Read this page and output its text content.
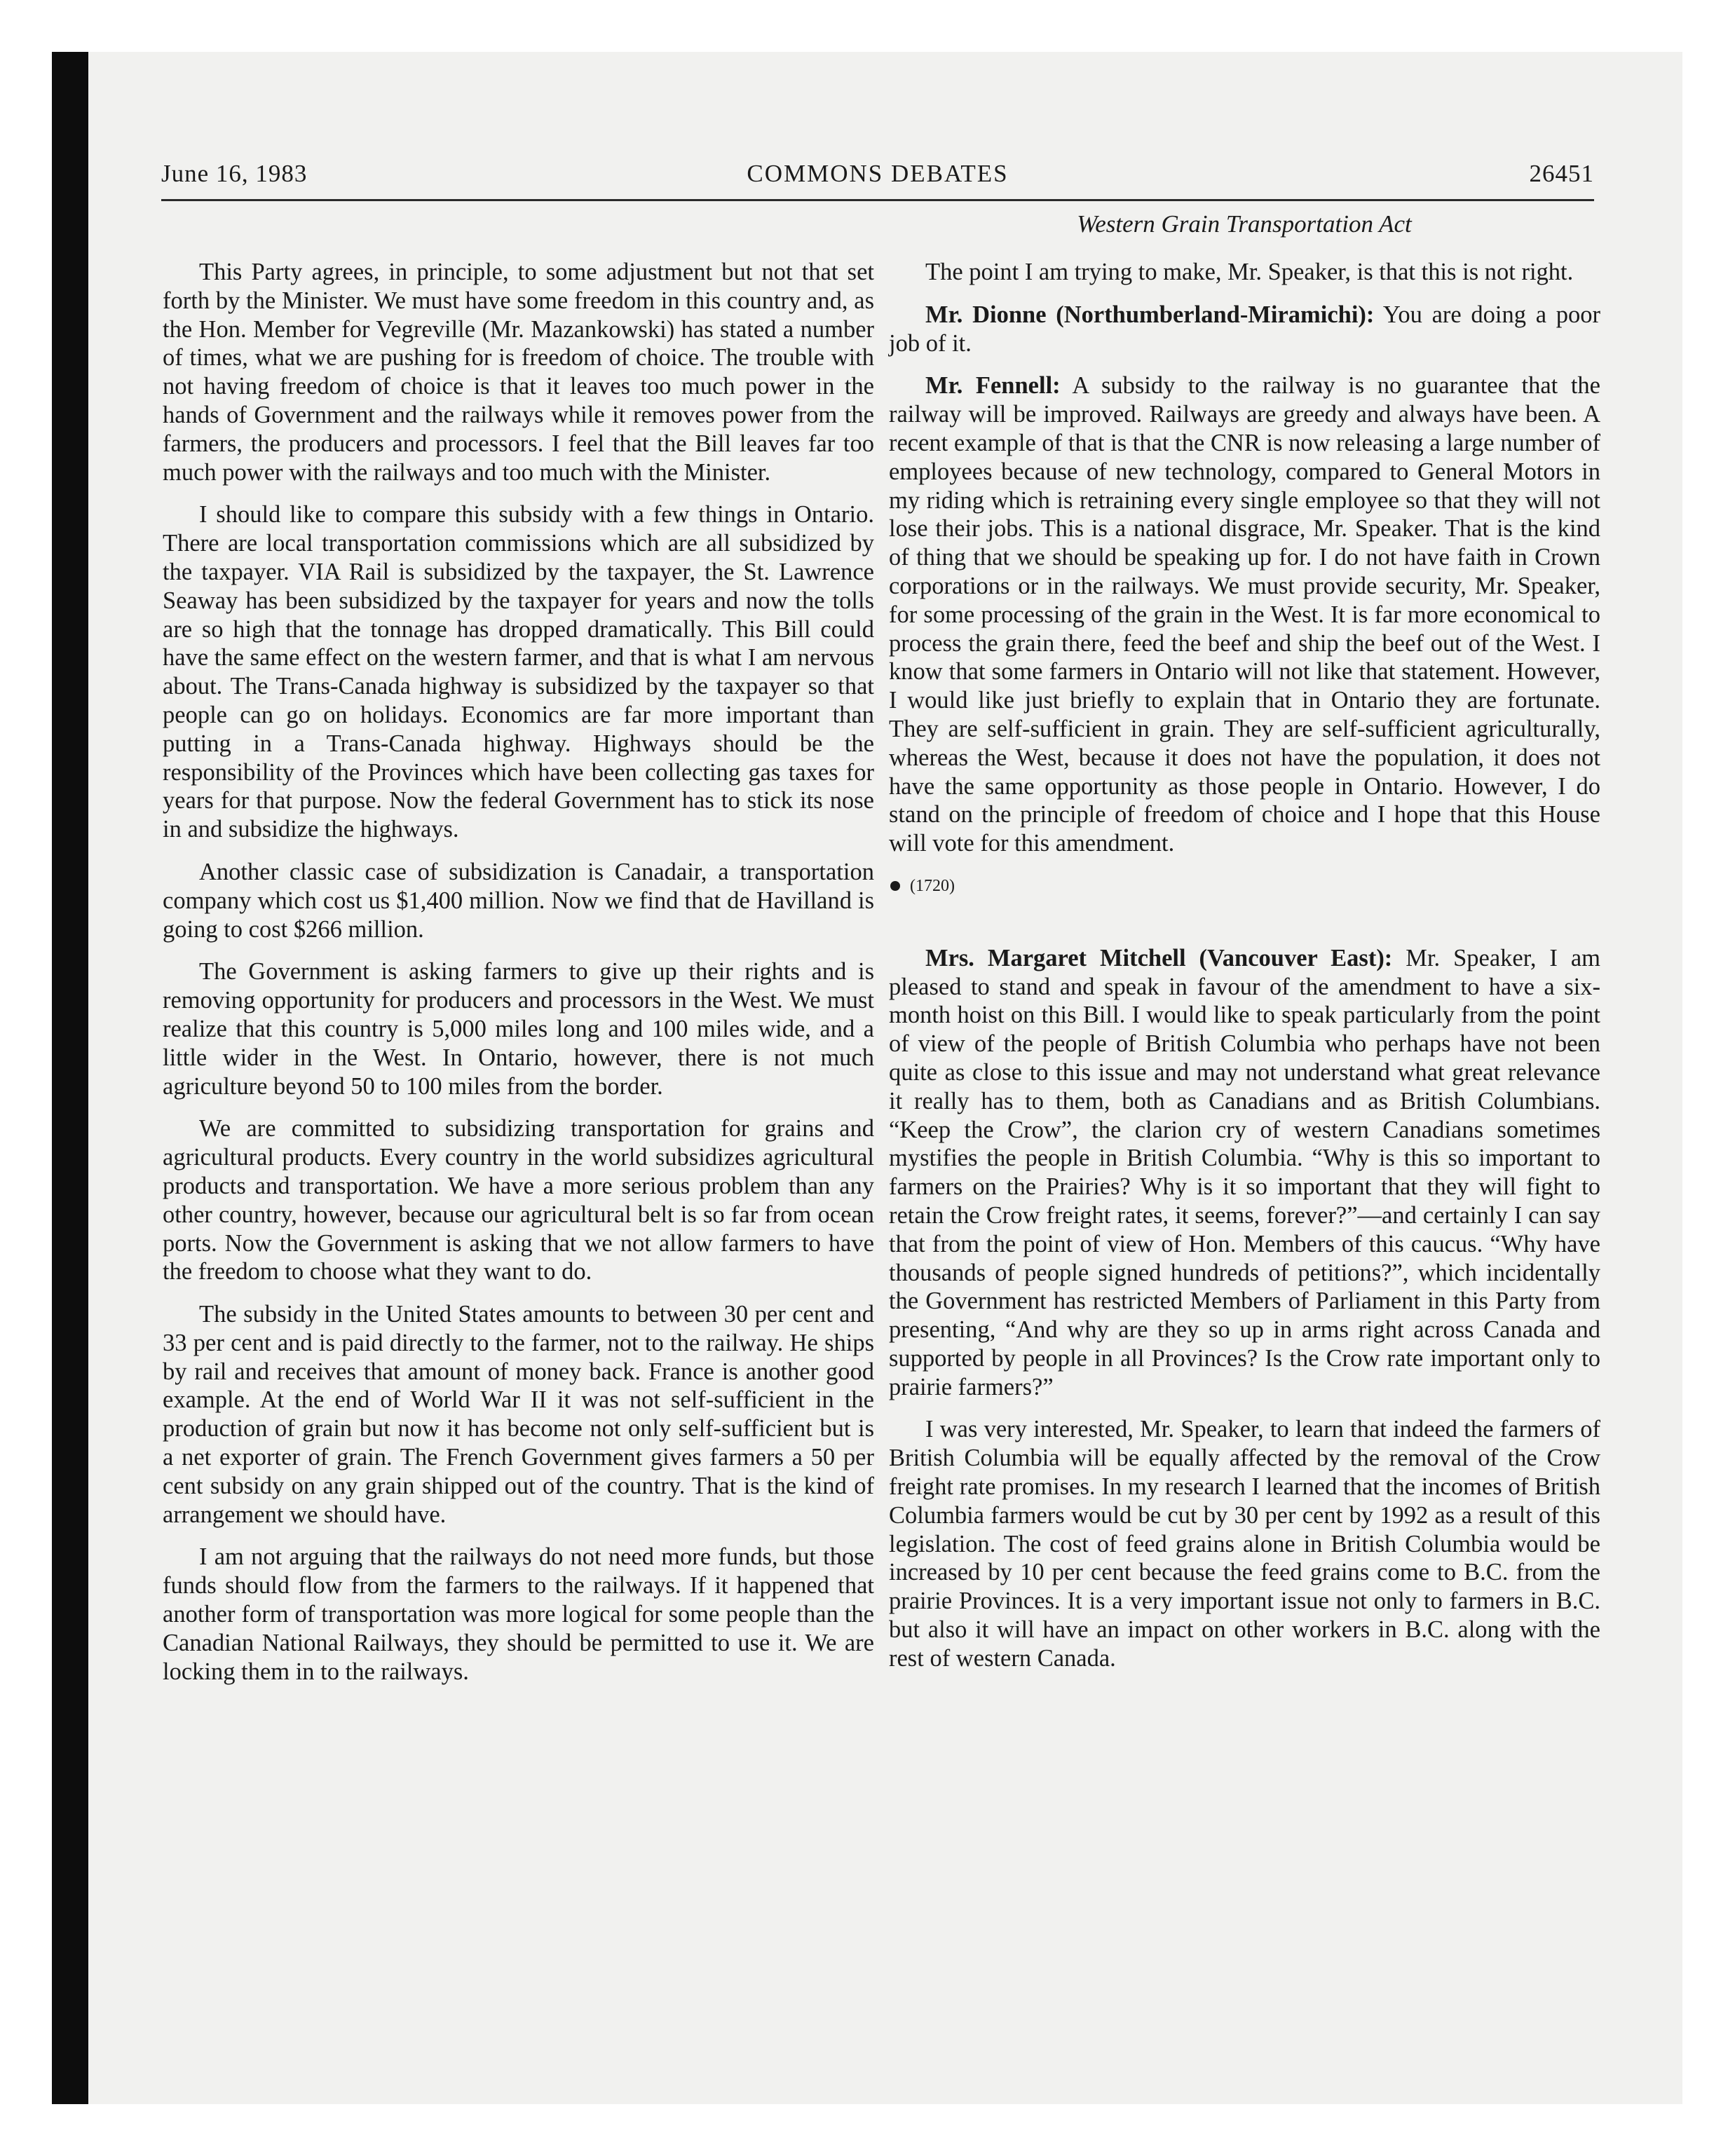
June 16, 1983	COMMONS DEBATES	26451
Western Grain Transportation Act

This Party agrees, in principle, to some adjustment but not that set forth by the Minister. We must have some freedom in this country and, as the Hon. Member for Vegreville (Mr. Mazankowski) has stated a number of times, what we are pushing for is freedom of choice. The trouble with not having freedom of choice is that it leaves too much power in the hands of Government and the railways while it removes power from the farmers, the producers and processors. I feel that the Bill leaves far too much power with the railways and too much with the Minister.

I should like to compare this subsidy with a few things in Ontario. There are local transportation commissions which are all subsidized by the taxpayer. VIA Rail is subsidized by the taxpayer, the St. Lawrence Seaway has been subsidized by the taxpayer for years and now the tolls are so high that the tonnage has dropped dramatically. This Bill could have the same effect on the western farmer, and that is what I am nervous about. The Trans-Canada highway is subsidized by the taxpayer so that people can go on holidays. Economics are far more important than putting in a Trans-Canada highway. Highways should be the responsibility of the Provinces which have been collecting gas taxes for years for that purpose. Now the federal Government has to stick its nose in and subsidize the highways.

Another classic case of subsidization is Canadair, a transportation company which cost us $1,400 million. Now we find that de Havilland is going to cost $266 million.

The Government is asking farmers to give up their rights and is removing opportunity for producers and processors in the West. We must realize that this country is 5,000 miles long and 100 miles wide, and a little wider in the West. In Ontario, however, there is not much agriculture beyond 50 to 100 miles from the border.

We are committed to subsidizing transportation for grains and agricultural products. Every country in the world subsidizes agricultural products and transportation. We have a more serious problem than any other country, however, because our agricultural belt is so far from ocean ports. Now the Government is asking that we not allow farmers to have the freedom to choose what they want to do.

The subsidy in the United States amounts to between 30 per cent and 33 per cent and is paid directly to the farmer, not to the railway. He ships by rail and receives that amount of money back. France is another good example. At the end of World War II it was not self-sufficient in the production of grain but now it has become not only self-sufficient but is a net exporter of grain. The French Government gives farmers a 50 per cent subsidy on any grain shipped out of the country. That is the kind of arrangement we should have.

I am not arguing that the railways do not need more funds, but those funds should flow from the farmers to the railways. If it happened that another form of transportation was more logical for some people than the Canadian National Railways, they should be permitted to use it. We are locking them in to the railways.

The point I am trying to make, Mr. Speaker, is that this is not right.

Mr. Dionne (Northumberland-Miramichi): You are doing a poor job of it.

Mr. Fennell: A subsidy to the railway is no guarantee that the railway will be improved. Railways are greedy and always have been. A recent example of that is that the CNR is now releasing a large number of employees because of new technology, compared to General Motors in my riding which is retraining every single employee so that they will not lose their jobs. This is a national disgrace, Mr. Speaker. That is the kind of thing that we should be speaking up for. I do not have faith in Crown corporations or in the railways. We must provide security, Mr. Speaker, for some processing of the grain in the West. It is far more economical to process the grain there, feed the beef and ship the beef out of the West. I know that some farmers in Ontario will not like that statement. However, I would like just briefly to explain that in Ontario they are fortunate. They are self-sufficient in grain. They are self-sufficient agriculturally, whereas the West, because it does not have the population, it does not have the same opportunity as those people in Ontario. However, I do stand on the principle of freedom of choice and I hope that this House will vote for this amendment.

(1720)

Mrs. Margaret Mitchell (Vancouver East): Mr. Speaker, I am pleased to stand and speak in favour of the amendment to have a six-month hoist on this Bill. I would like to speak particularly from the point of view of the people of British Columbia who perhaps have not been quite as close to this issue and may not understand what great relevance it really has to them, both as Canadians and as British Columbians. “Keep the Crow”, the clarion cry of western Canadians sometimes mystifies the people in British Columbia. “Why is this so important to farmers on the Prairies? Why is it so important that they will fight to retain the Crow freight rates, it seems, forever?”—and certainly I can say that from the point of view of Hon. Members of this caucus. “Why have thousands of people signed hundreds of petitions?”, which incidentally the Government has restricted Members of Parliament in this Party from presenting, “And why are they so up in arms right across Canada and supported by people in all Provinces? Is the Crow rate important only to prairie farmers?”

I was very interested, Mr. Speaker, to learn that indeed the farmers of British Columbia will be equally affected by the removal of the Crow freight rate promises. In my research I learned that the incomes of British Columbia farmers would be cut by 30 per cent by 1992 as a result of this legislation. The cost of feed grains alone in British Columbia would be increased by 10 per cent because the feed grains come to B.C. from the prairie Provinces. It is a very important issue not only to farmers in B.C. but also it will have an impact on other workers in B.C. along with the rest of western Canada.
